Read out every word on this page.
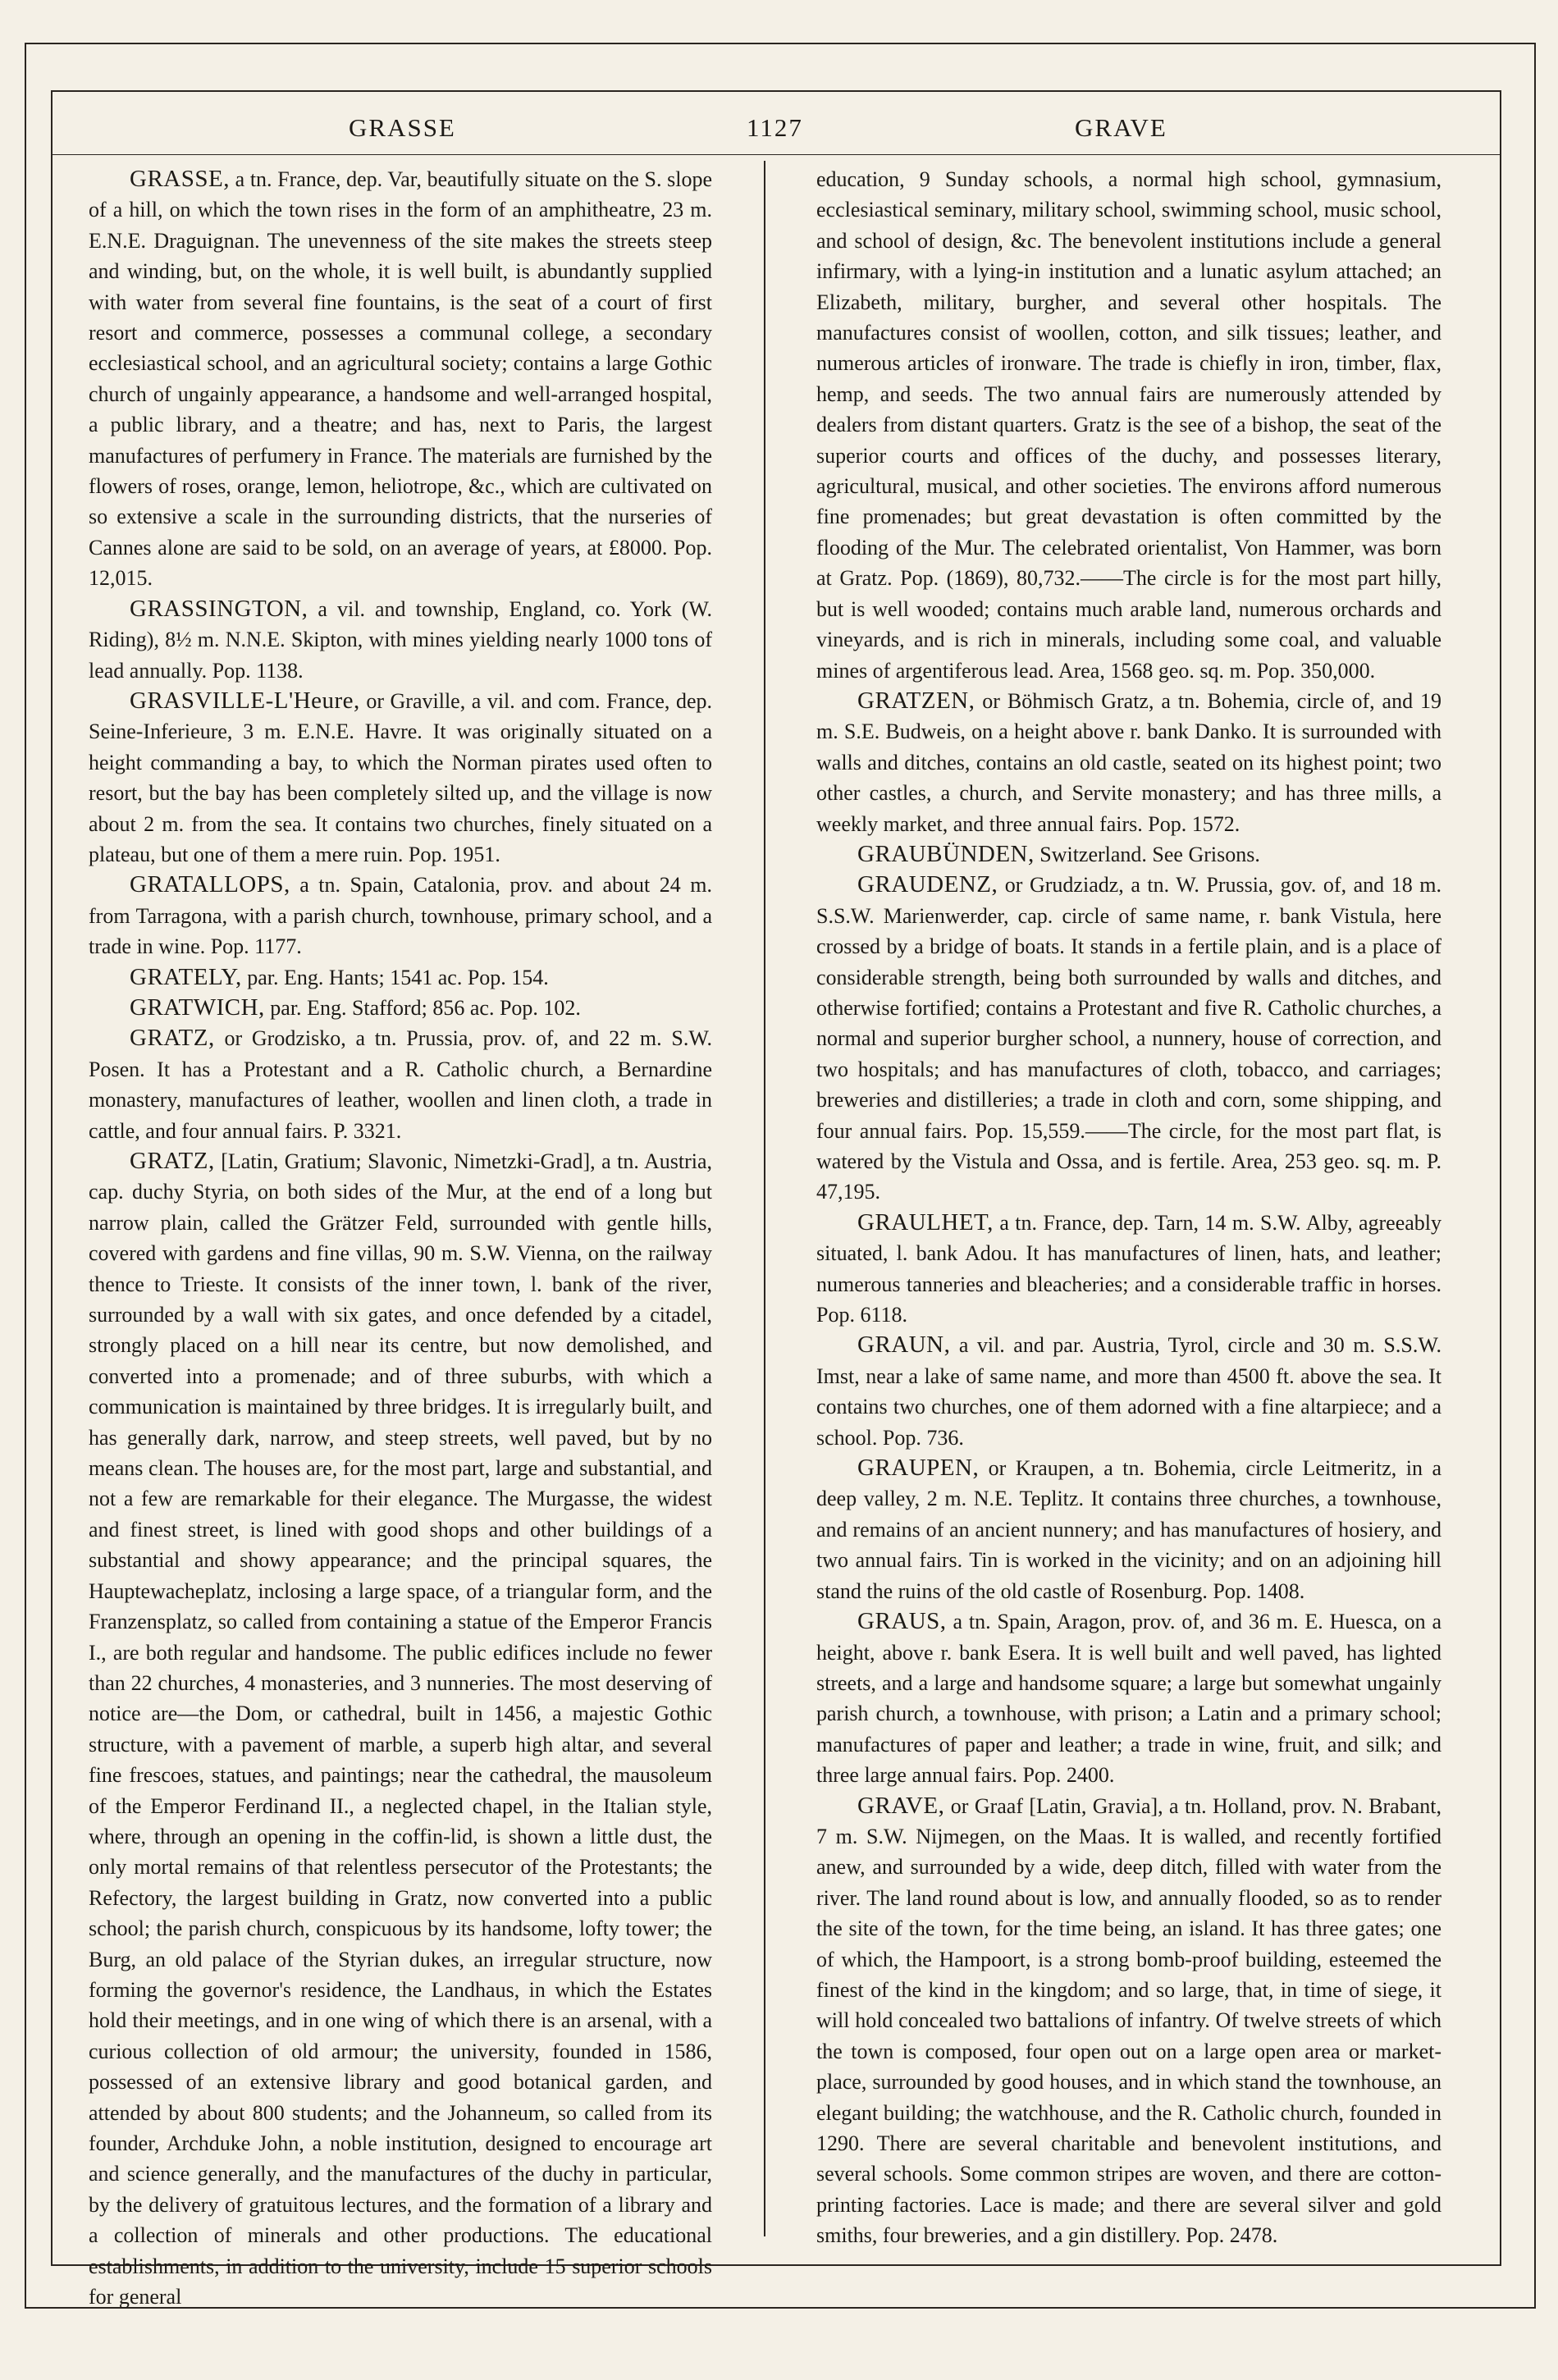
GRASSE	1127	GRAVE

GRASSE, a tn. France, dep. Var, beautifully situate on the S. slope of a hill, on which the town rises in the form of an amphitheatre, 23 m. E.N.E. Draguignan. The unevenness of the site makes the streets steep and winding, but, on the whole, it is well built, is abundantly supplied with water from several fine fountains, is the seat of a court of first resort and commerce, possesses a communal college, a secondary ecclesiastical school, and an agricultural society; contains a large Gothic church of ungainly appearance, a handsome and well-arranged hospital, a public library, and a theatre; and has, next to Paris, the largest manufactures of perfumery in France. The materials are furnished by the flowers of roses, orange, lemon, heliotrope, &c., which are cultivated on so extensive a scale in the surrounding districts, that the nurseries of Cannes alone are said to be sold, on an average of years, at £8000. Pop. 12,015.

GRASSINGTON, a vil. and township, England, co. York (W. Riding), 8½ m. N.N.E. Skipton, with mines yielding nearly 1000 tons of lead annually. Pop. 1138.

GRASVILLE-L'Heure, or Graville, a vil. and com. France, dep. Seine-Inferieure, 3 m. E.N.E. Havre. It was originally situated on a height commanding a bay, to which the Norman pirates used often to resort, but the bay has been completely silted up, and the village is now about 2 m. from the sea. It contains two churches, finely situated on a plateau, but one of them a mere ruin. Pop. 1951.

GRATALLOPS, a tn. Spain, Catalonia, prov. and about 24 m. from Tarragona, with a parish church, townhouse, primary school, and a trade in wine. Pop. 1177.

GRATELY, par. Eng. Hants; 1541 ac. Pop. 154.

GRATWICH, par. Eng. Stafford; 856 ac. Pop. 102.

GRATZ, or Grodzisko, a tn. Prussia, prov. of, and 22 m. S.W. Posen. It has a Protestant and a R. Catholic church, a Bernardine monastery, manufactures of leather, woollen and linen cloth, a trade in cattle, and four annual fairs. P. 3321.

GRATZ, [Latin, Gratium; Slavonic, Nimetzki-Grad], a tn. Austria, cap. duchy Styria, on both sides of the Mur, at the end of a long but narrow plain, called the Grätzer Feld, surrounded with gentle hills, covered with gardens and fine villas, 90 m. S.W. Vienna, on the railway thence to Trieste. It consists of the inner town, l. bank of the river, surrounded by a wall with six gates, and once defended by a citadel, strongly placed on a hill near its centre, but now demolished, and converted into a promenade; and of three suburbs, with which a communication is maintained by three bridges. It is irregularly built, and has generally dark, narrow, and steep streets, well paved, but by no means clean. The houses are, for the most part, large and substantial, and not a few are remarkable for their elegance. The Murgasse, the widest and finest street, is lined with good shops and other buildings of a substantial and showy appearance; and the principal squares, the Hauptewacheplatz, inclosing a large space, of a triangular form, and the Franzensplatz, so called from containing a statue of the Emperor Francis I., are both regular and handsome. The public edifices include no fewer than 22 churches, 4 monasteries, and 3 nunneries. The most deserving of notice are—the Dom, or cathedral, built in 1456, a majestic Gothic structure, with a pavement of marble, a superb high altar, and several fine frescoes, statues, and paintings; near the cathedral, the mausoleum of the Emperor Ferdinand II., a neglected chapel, in the Italian style, where, through an opening in the coffin-lid, is shown a little dust, the only mortal remains of that relentless persecutor of the Protestants; the Refectory, the largest building in Gratz, now converted into a public school; the parish church, conspicuous by its handsome, lofty tower; the Burg, an old palace of the Styrian dukes, an irregular structure, now forming the governor's residence, the Landhaus, in which the Estates hold their meetings, and in one wing of which there is an arsenal, with a curious collection of old armour; the university, founded in 1586, possessed of an extensive library and good botanical garden, and attended by about 800 students; and the Johanneum, so called from its founder, Archduke John, a noble institution, designed to encourage art and science generally, and the manufactures of the duchy in particular, by the delivery of gratuitous lectures, and the formation of a library and a collection of minerals and other productions. The educational establishments, in addition to the university, include 15 superior schools for general

education, 9 Sunday schools, a normal high school, gymnasium, ecclesiastical seminary, military school, swimming school, music school, and school of design, &c. The benevolent institutions include a general infirmary, with a lying-in institution and a lunatic asylum attached; an Elizabeth, military, burgher, and several other hospitals. The manufactures consist of woollen, cotton, and silk tissues; leather, and numerous articles of ironware. The trade is chiefly in iron, timber, flax, hemp, and seeds. The two annual fairs are numerously attended by dealers from distant quarters. Gratz is the see of a bishop, the seat of the superior courts and offices of the duchy, and possesses literary, agricultural, musical, and other societies. The environs afford numerous fine promenades; but great devastation is often committed by the flooding of the Mur. The celebrated orientalist, Von Hammer, was born at Gratz. Pop. (1869), 80,732.——The circle is for the most part hilly, but is well wooded; contains much arable land, numerous orchards and vineyards, and is rich in minerals, including some coal, and valuable mines of argentiferous lead. Area, 1568 geo. sq. m. Pop. 350,000.

GRATZEN, or Böhmisch Gratz, a tn. Bohemia, circle of, and 19 m. S.E. Budweis, on a height above r. bank Danko. It is surrounded with walls and ditches, contains an old castle, seated on its highest point; two other castles, a church, and Servite monastery; and has three mills, a weekly market, and three annual fairs. Pop. 1572.

GRAUBÜNDEN, Switzerland. See Grisons.

GRAUDENZ, or Grudziadz, a tn. W. Prussia, gov. of, and 18 m. S.S.W. Marienwerder, cap. circle of same name, r. bank Vistula, here crossed by a bridge of boats. It stands in a fertile plain, and is a place of considerable strength, being both surrounded by walls and ditches, and otherwise fortified; contains a Protestant and five R. Catholic churches, a normal and superior burgher school, a nunnery, house of correction, and two hospitals; and has manufactures of cloth, tobacco, and carriages; breweries and distilleries; a trade in cloth and corn, some shipping, and four annual fairs. Pop. 15,559.——The circle, for the most part flat, is watered by the Vistula and Ossa, and is fertile. Area, 253 geo. sq. m. P. 47,195.

GRAULHET, a tn. France, dep. Tarn, 14 m. S.W. Alby, agreeably situated, l. bank Adou. It has manufactures of linen, hats, and leather; numerous tanneries and bleacheries; and a considerable traffic in horses. Pop. 6118.

GRAUN, a vil. and par. Austria, Tyrol, circle and 30 m. S.S.W. Imst, near a lake of same name, and more than 4500 ft. above the sea. It contains two churches, one of them adorned with a fine altarpiece; and a school. Pop. 736.

GRAUPEN, or Kraupen, a tn. Bohemia, circle Leitmeritz, in a deep valley, 2 m. N.E. Teplitz. It contains three churches, a townhouse, and remains of an ancient nunnery; and has manufactures of hosiery, and two annual fairs. Tin is worked in the vicinity; and on an adjoining hill stand the ruins of the old castle of Rosenburg. Pop. 1408.

GRAUS, a tn. Spain, Aragon, prov. of, and 36 m. E. Huesca, on a height, above r. bank Esera. It is well built and well paved, has lighted streets, and a large and handsome square; a large but somewhat ungainly parish church, a townhouse, with prison; a Latin and a primary school; manufactures of paper and leather; a trade in wine, fruit, and silk; and three large annual fairs. Pop. 2400.

GRAVE, or Graaf [Latin, Gravia], a tn. Holland, prov. N. Brabant, 7 m. S.W. Nijmegen, on the Maas. It is walled, and recently fortified anew, and surrounded by a wide, deep ditch, filled with water from the river. The land round about is low, and annually flooded, so as to render the site of the town, for the time being, an island. It has three gates; one of which, the Hampoort, is a strong bomb-proof building, esteemed the finest of the kind in the kingdom; and so large, that, in time of siege, it will hold concealed two battalions of infantry. Of twelve streets of which the town is composed, four open out on a large open area or market-place, surrounded by good houses, and in which stand the townhouse, an elegant building; the watchhouse, and the R. Catholic church, founded in 1290. There are several charitable and benevolent institutions, and several schools. Some common stripes are woven, and there are cotton-printing factories. Lace is made; and there are several silver and gold smiths, four breweries, and a gin distillery. Pop. 2478.
